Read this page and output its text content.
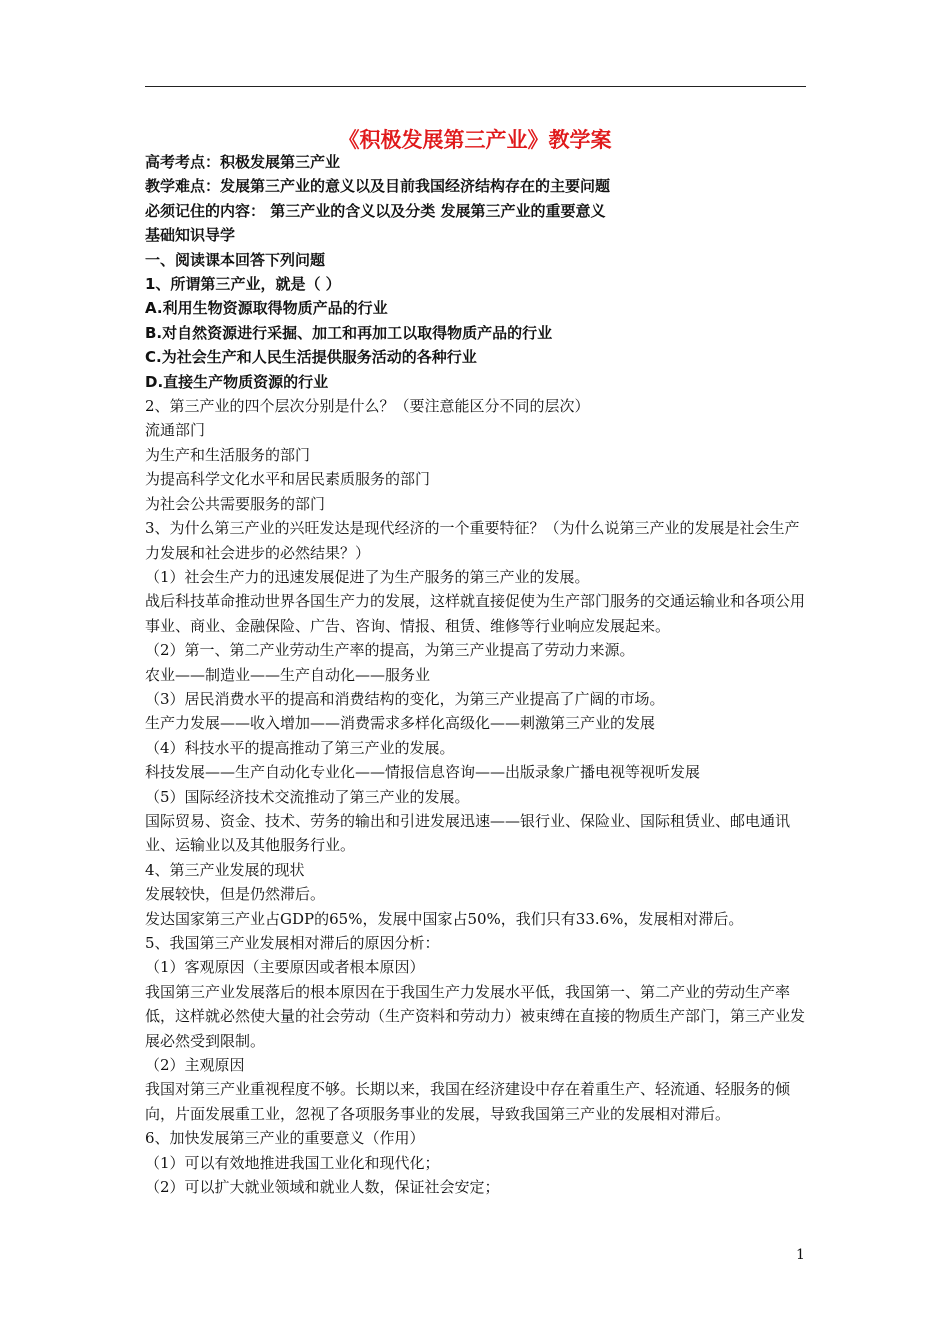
《积极发展第三产业》教学案

高考考点：积极发展第三产业

教学难点：发展第三产业的意义以及目前我国经济结构存在的主要问题

必须记住的内容： 第三产业的含义以及分类 发展第三产业的重要意义

基础知识导学

一、阅读课本回答下列问题

1、所谓第三产业，就是（ ）

A.利用生物资源取得物质产品的行业

B.对自然资源进行采掘、加工和再加工以取得物质产品的行业

C.为社会生产和人民生活提供服务活动的各种行业

D.直接生产物质资源的行业

2、第三产业的四个层次分别是什么？（要注意能区分不同的层次）

流通部门

为生产和生活服务的部门

为提高科学文化水平和居民素质服务的部门

为社会公共需要服务的部门

3、为什么第三产业的兴旺发达是现代经济的一个重要特征？（为什么说第三产业的发展是社会生产力发展和社会进步的必然结果？）

（1）社会生产力的迅速发展促进了为生产服务的第三产业的发展。

战后科技革命推动世界各国生产力的发展，这样就直接促使为生产部门服务的交通运输业和各项公用事业、商业、金融保险、广告、咨询、情报、租赁、维修等行业响应发展起来。

（2）第一、第二产业劳动生产率的提高，为第三产业提高了劳动力来源。

农业——制造业——生产自动化——服务业

（3）居民消费水平的提高和消费结构的变化，为第三产业提高了广阔的市场。

生产力发展——收入增加——消费需求多样化高级化——刺激第三产业的发展

（4）科技水平的提高推动了第三产业的发展。

科技发展——生产自动化专业化——情报信息咨询——出版录象广播电视等视听发展

（5）国际经济技术交流推动了第三产业的发展。

国际贸易、资金、技术、劳务的输出和引进发展迅速——银行业、保险业、国际租赁业、邮电通讯业、运输业以及其他服务行业。

4、第三产业发展的现状

发展较快，但是仍然滞后。

发达国家第三产业占GDP的65%，发展中国家占50%，我们只有33.6%，发展相对滞后。

5、我国第三产业发展相对滞后的原因分析：

（1）客观原因（主要原因或者根本原因）

我国第三产业发展落后的根本原因在于我国生产力发展水平低，我国第一、第二产业的劳动生产率低，这样就必然使大量的社会劳动（生产资料和劳动力）被束缚在直接的物质生产部门，第三产业发展必然受到限制。

（2）主观原因

我国对第三产业重视程度不够。长期以来，我国在经济建设中存在着重生产、轻流通、轻服务的倾向，片面发展重工业，忽视了各项服务事业的发展，导致我国第三产业的发展相对滞后。

6、加快发展第三产业的重要意义（作用）

（1）可以有效地推进我国工业化和现代化；

（2）可以扩大就业领域和就业人数，保证社会安定；

1
